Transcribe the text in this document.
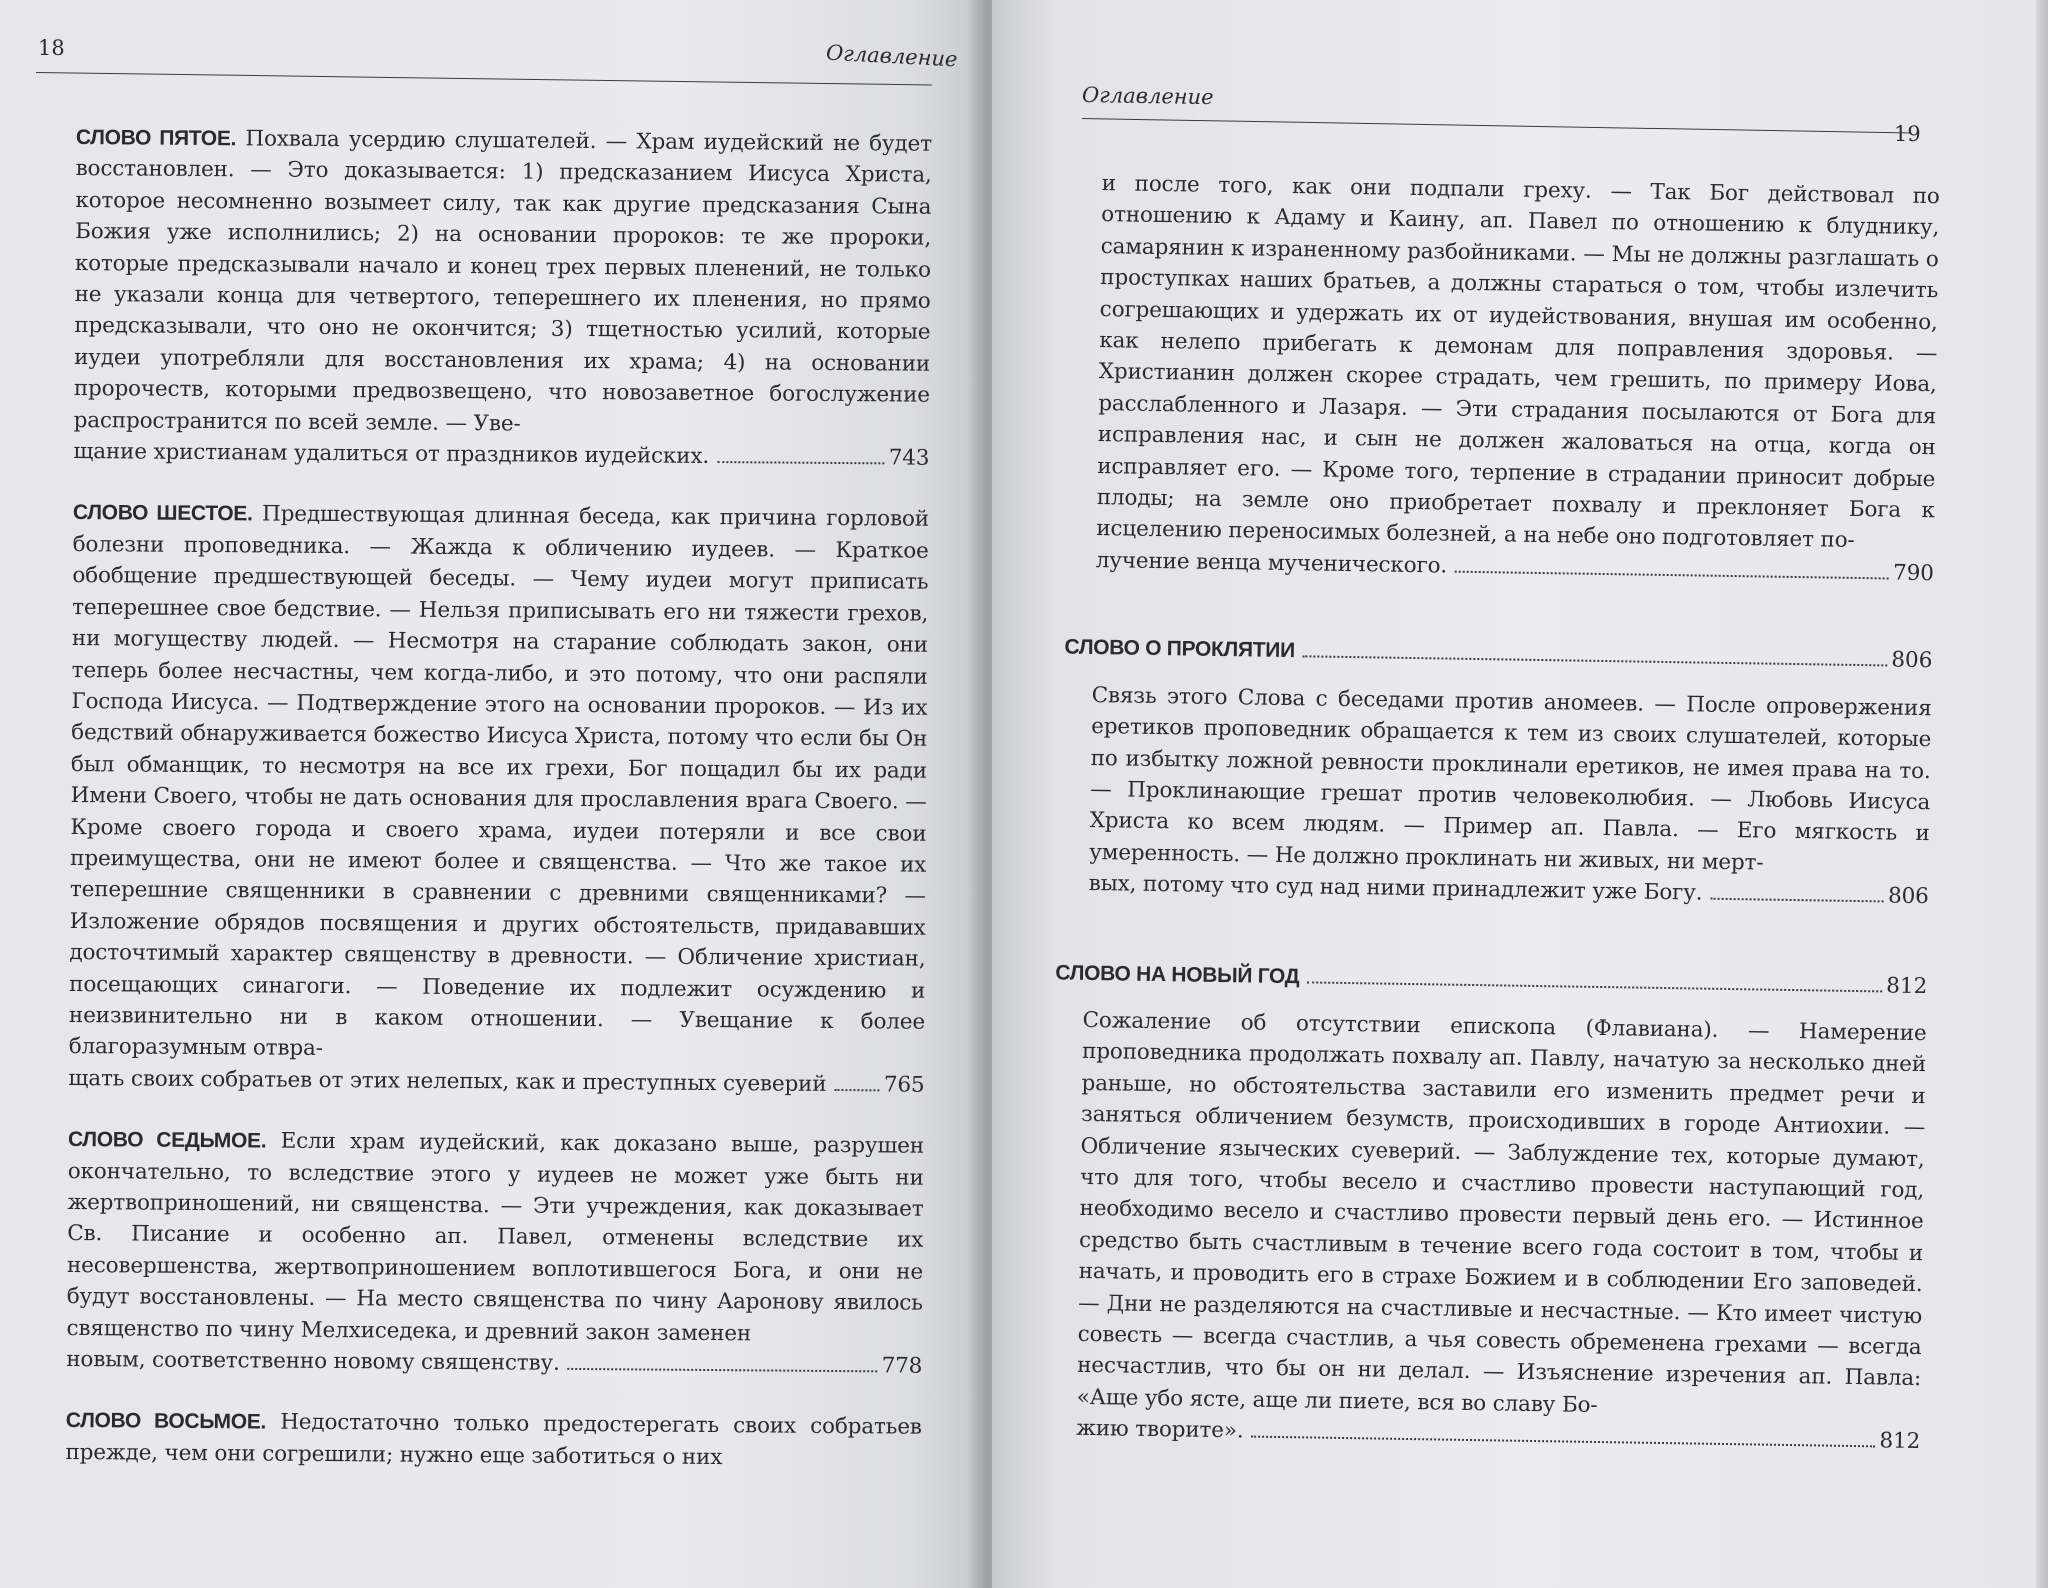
18	Оглавление
СЛОВО ПЯТОЕ. Похвала усердию слушателей. — Храм иудейский не будет восстановлен. — Это доказывается: 1) предсказанием Иисуса Христа, которое несомненно возымеет силу, так как другие предсказания Сына Божия уже исполнились; 2) на основании пророков: те же пророки, которые предсказывали начало и конец трех первых пленений, не только не указали конца для четвертого, теперешнего их пленения, но прямо предсказывали, что оно не окончится; 3) тщетностью усилий, которые иудеи употребляли для восстановления их храма; 4) на основании пророчеств, которыми предвозвещено, что новозаветное богослужение распространится по всей земле. — Уве-
щание христианам удалиться от праздников иудейских.	743
СЛОВО ШЕСТОЕ. Предшествующая длинная беседа, как причина горловой болезни проповедника. — Жажда к обличению иудеев. — Краткое обобщение предшествующей беседы. — Чему иудеи могут приписать теперешнее свое бедствие. — Нельзя приписывать его ни тяжести грехов, ни могуществу людей. — Несмотря на старание соблюдать закон, они теперь более несчастны, чем когда-либо, и это потому, что они распяли Господа Иисуса. — Подтверждение этого на основании пророков. — Из их бедствий обнаруживается божество Иисуса Христа, потому что если бы Он был обманщик, то несмотря на все их грехи, Бог пощадил бы их ради Имени Своего, чтобы не дать основания для прославления врага Своего. — Кроме своего города и своего храма, иудеи потеряли и все свои преимущества, они не имеют более и священства. — Что же такое их теперешние священники в сравнении с древними священниками? — Изложение обрядов посвящения и других обстоятельств, придававших досточтимый характер священству в древности. — Обличение христиан, посещающих синагоги. — Поведение их подлежит осуждению и неизвинительно ни в каком отношении. — Увещание к более благоразумным отвра-
щать своих собратьев от этих нелепых, как и преступных суеверий	765
СЛОВО СЕДЬМОЕ. Если храм иудейский, как доказано выше, разрушен окончательно, то вследствие этого у иудеев не может уже быть ни жертвоприношений, ни священства. — Эти учреждения, как доказывает Св. Писание и особенно ап. Павел, отменены вследствие их несовершенства, жертвоприношением воплотившегося Бога, и они не будут восстановлены. — На место священства по чину Ааронову явилось священство по чину Мелхиседека, и древний закон заменен
новым, соответственно новому священству.	778
СЛОВО ВОСЬМОЕ. Недостаточно только предостерегать своих собратьев прежде, чем они согрешили; нужно еще заботиться о них
Оглавление
19
и после того, как они подпали греху. — Так Бог действовал по отношению к Адаму и Каину, ап. Павел по отношению к блуднику, самарянин к израненному разбойниками. — Мы не должны разглашать о проступках наших братьев, а должны стараться о том, чтобы излечить согрешающих и удержать их от иудействования, внушая им особенно, как нелепо прибегать к демонам для поправления здоровья. — Христианин должен скорее страдать, чем грешить, по примеру Иова, расслабленного и Лазаря. — Эти страдания посылаются от Бога для исправления нас, и сын не должен жаловаться на отца, когда он исправляет его. — Кроме того, терпение в страдании приносит добрые плоды; на земле оно приобретает похвалу и преклоняет Бога к исцелению переносимых болезней, а на небе оно подготовляет по-
лучение венца мученического.	790
СЛОВО О ПРОКЛЯТИИ	806
Связь этого Слова с беседами против аномеев. — После опровержения еретиков проповедник обращается к тем из своих слушателей, которые по избытку ложной ревности проклинали еретиков, не имея права на то. — Проклинающие грешат против человеколюбия. — Любовь Иисуса Христа ко всем людям. — Пример ап. Павла. — Его мягкость и умеренность. — Не должно проклинать ни живых, ни мерт-
вых, потому что суд над ними принадлежит уже Богу.	806
СЛОВО НА НОВЫЙ ГОД	812
Сожаление об отсутствии епископа (Флавиана). — Намерение проповедника продолжать похвалу ап. Павлу, начатую за несколько дней раньше, но обстоятельства заставили его изменить предмет речи и заняться обличением безумств, происходивших в городе Антиохии. — Обличение языческих суеверий. — Заблуждение тех, которые думают, что для того, чтобы весело и счастливо провести наступающий год, необходимо весело и счастливо провести первый день его. — Истинное средство быть счастливым в течение всего года состоит в том, чтобы и начать, и проводить его в страхе Божием и в соблюдении Его заповедей. — Дни не разделяются на счастливые и несчастные. — Кто имеет чистую совесть — всегда счастлив, а чья совесть обременена грехами — всегда несчастлив, что бы он ни делал. — Изъяснение изречения ап. Павла: «Аще убо ясте, аще ли пиете, вся во славу Бо-
жию творите».	812
